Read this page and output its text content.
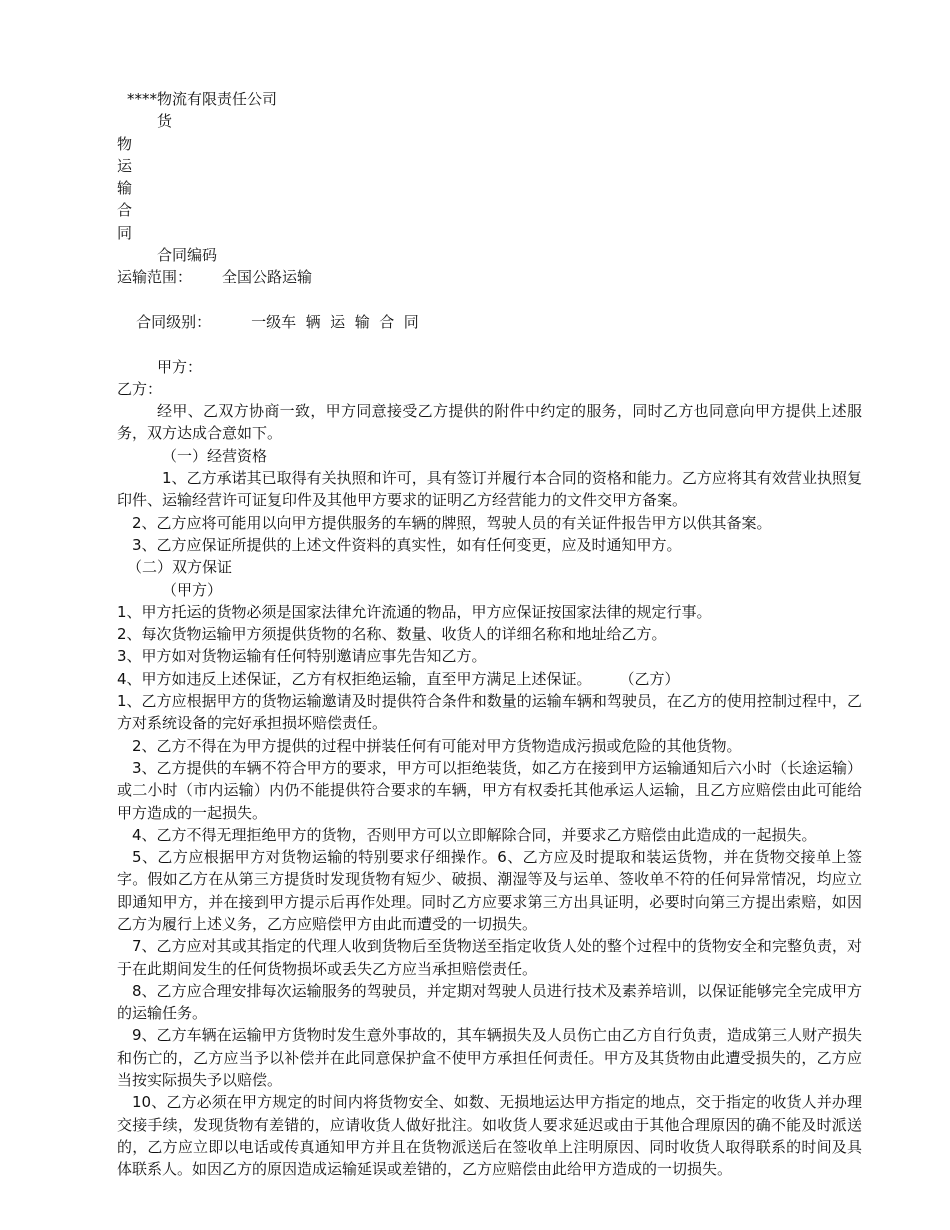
****物流有限责任公司
货
物
运
输
合
同
合同编码
运输范围： 全国公路运输

合同级别：	一级车  辆  运  输  合  同

甲方：
乙方：
经甲、乙双方协商一致，甲方同意接受乙方提供的附件中约定的服务，同时乙方也同意向甲方提供上述服务，双方达成合意如下。
（一）经营资格
1、乙方承诺其已取得有关执照和许可，具有签订并履行本合同的资格和能力。乙方应将其有效营业执照复印件、运输经营许可证复印件及其他甲方要求的证明乙方经营能力的文件交甲方备案。
2、乙方应将可能用以向甲方提供服务的车辆的牌照，驾驶人员的有关证件报告甲方以供其备案。
3、乙方应保证所提供的上述文件资料的真实性，如有任何变更，应及时通知甲方。
（二）双方保证
（甲方）
1、甲方托运的货物必须是国家法律允许流通的物品，甲方应保证按国家法律的规定行事。
2、每次货物运输甲方须提供货物的名称、数量、收货人的详细名称和地址给乙方。
3、甲方如对货物运输有任何特别邀请应事先告知乙方。
4、甲方如违反上述保证，乙方有权拒绝运输，直至甲方满足上述保证。 （乙方）
1、乙方应根据甲方的货物运输邀请及时提供符合条件和数量的运输车辆和驾驶员，在乙方的使用控制过程中，乙方对系统设备的完好承担损坏赔偿责任。
2、乙方不得在为甲方提供的过程中拼装任何有可能对甲方货物造成污损或危险的其他货物。
3、乙方提供的车辆不符合甲方的要求，甲方可以拒绝装货，如乙方在接到甲方运输通知后六小时（长途运输）或二小时（市内运输）内仍不能提供符合要求的车辆，甲方有权委托其他承运人运输，且乙方应赔偿由此可能给甲方造成的一起损失。
4、乙方不得无理拒绝甲方的货物，否则甲方可以立即解除合同，并要求乙方赔偿由此造成的一起损失。
5、乙方应根据甲方对货物运输的特别要求仔细操作。6、乙方应及时提取和装运货物，并在货物交接单上签字。假如乙方在从第三方提货时发现货物有短少、破损、潮湿等及与运单、签收单不符的任何异常情况，均应立即通知甲方，并在接到甲方提示后再作处理。同时乙方应要求第三方出具证明，必要时向第三方提出索赔，如因乙方为履行上述义务，乙方应赔偿甲方由此而遭受的一切损失。
7、乙方应对其或其指定的代理人收到货物后至货物送至指定收货人处的整个过程中的货物安全和完整负责，对于在此期间发生的任何货物损坏或丢失乙方应当承担赔偿责任。
8、乙方应合理安排每次运输服务的驾驶员，并定期对驾驶人员进行技术及素养培训，以保证能够完全完成甲方的运输任务。
9、乙方车辆在运输甲方货物时发生意外事故的，其车辆损失及人员伤亡由乙方自行负责，造成第三人财产损失和伤亡的，乙方应当予以补偿并在此同意保护盒不使甲方承担任何责任。甲方及其货物由此遭受损失的，乙方应当按实际损失予以赔偿。
10、乙方必须在甲方规定的时间内将货物安全、如数、无损地运达甲方指定的地点，交于指定的收货人并办理交接手续，发现货物有差错的，应请收货人做好批注。如收货人要求延迟或由于其他合理原因的确不能及时派送的，乙方应立即以电话或传真通知甲方并且在货物派送后在签收单上注明原因、同时收货人取得联系的时间及具体联系人。如因乙方的原因造成运输延误或差错的，乙方应赔偿由此给甲方造成的一切损失。
